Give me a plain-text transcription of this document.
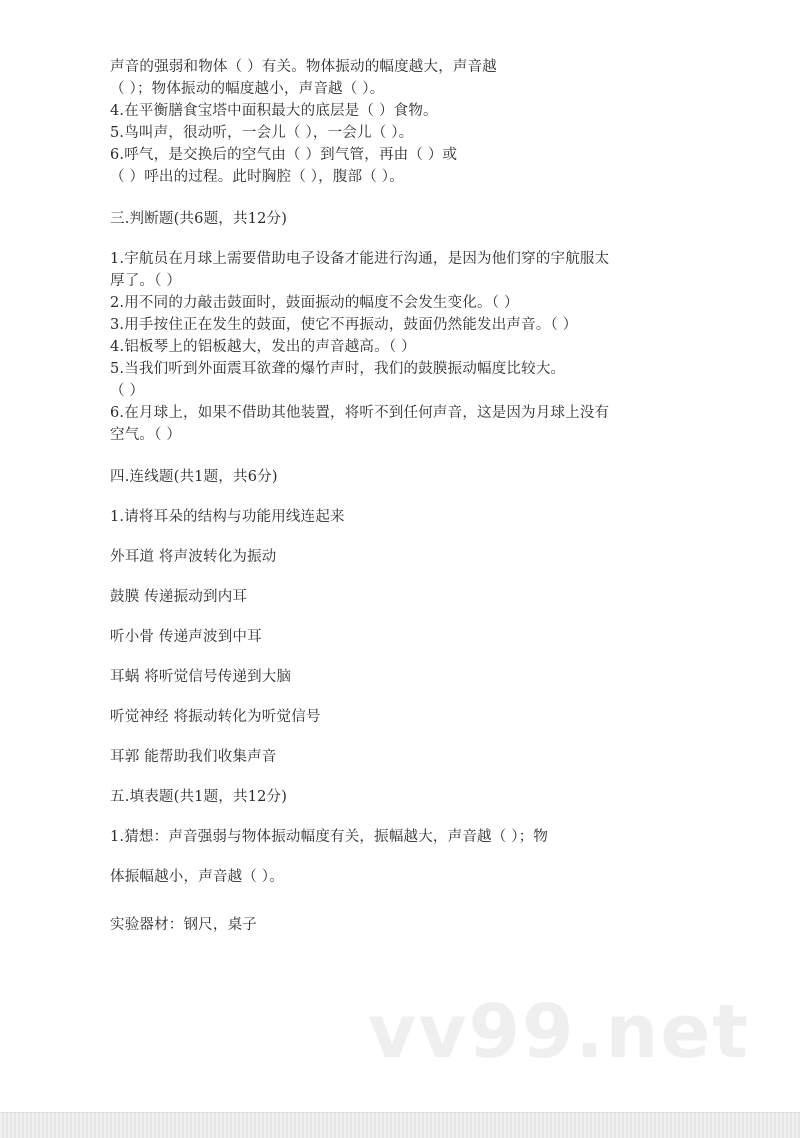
声音的强弱和物体（ ）有关。物体振动的幅度越大，声音越
（ ）；物体振动的幅度越小，声音越（ ）。
4.在平衡膳食宝塔中面积最大的底层是（ ）食物。
5.鸟叫声，很动听，一会儿（ ），一会儿（ ）。
6.呼气，是交换后的空气由（ ）到气管，再由（ ）或
（ ）呼出的过程。此时胸腔（ ），腹部（ ）。
三.判断题(共6题，共12分)
1.宇航员在月球上需要借助电子设备才能进行沟通，是因为他们穿的宇航服太
厚了。（ ）
2.用不同的力敲击鼓面时，鼓面振动的幅度不会发生变化。（ ）
3.用手按住正在发生的鼓面，使它不再振动，鼓面仍然能发出声音。（ ）
4.铝板琴上的铝板越大，发出的声音越高。（ ）
5.当我们听到外面震耳欲聋的爆竹声时，我们的鼓膜振动幅度比较大。
（ ）
6.在月球上，如果不借助其他装置，将听不到任何声音，这是因为月球上没有
空气。（ ）
四.连线题(共1题，共6分)
1.请将耳朵的结构与功能用线连起来
外耳道 将声波转化为振动
鼓膜 传递振动到内耳
听小骨 传递声波到中耳
耳蜗 将听觉信号传递到大脑
听觉神经 将振动转化为听觉信号
耳郭 能帮助我们收集声音
五.填表题(共1题，共12分)
1.猜想：声音强弱与物体振动幅度有关，振幅越大，声音越（ ）；物
体振幅越小，声音越（ ）。
实验器材：钢尺，桌子
vv99.net
